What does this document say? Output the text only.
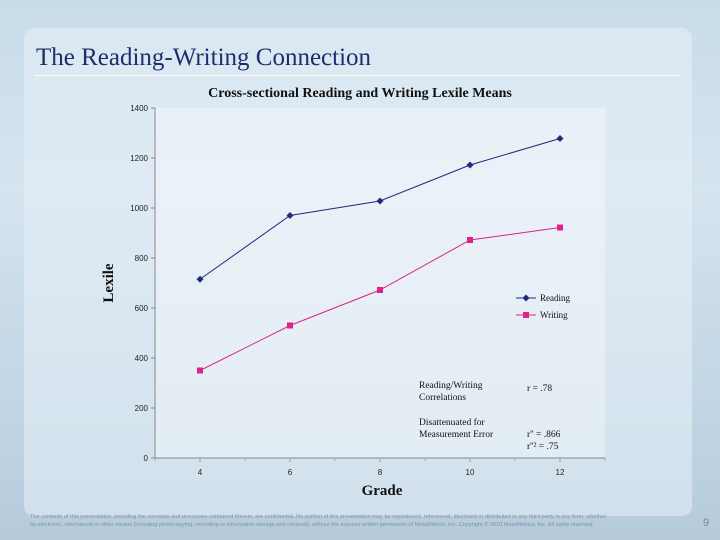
The Reading-Writing Connection
Cross-sectional Reading and Writing Lexile Means
0
200
400
600
800
1000
1200
1400
4	6	8	10	12
Lexile
Grade
Reading
Writing
Reading/Writing Correlations
r = .78
Disattenuated for Measurement Error	r'' = .866
r''² = .75

The contents of this presentation, including the concepts and processes contained therein, are confidential. No portion of this presentation may be reproduced, referenced, disclosed or distributed to any third party in any form, whether
by electronic, mechanical or other means (including photocopying, recording or information storage and retrieval), without the express written permission of MetaMetrics, Inc. Copyright © 2010 MetaMetrics, Inc. All rights reserved.	9
